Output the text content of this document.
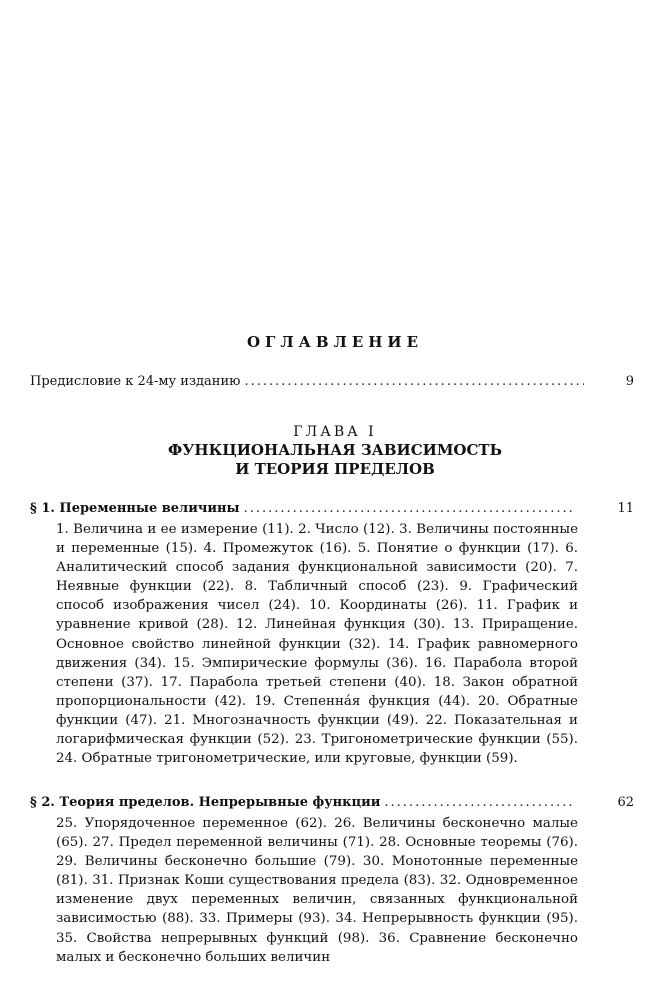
ОГЛАВЛЕНИЕ
Предисловие к 24-му изданию .....	9
ГЛАВА I
ФУНКЦИОНАЛЬНАЯ ЗАВИСИМОСТЬ
И ТЕОРИЯ ПРЕДЕЛОВ
§ 1. Переменные величины .....	11
1. Величина и ее измерение (11). 2. Число (12). 3. Величины постоянные и переменные (15). 4. Промежуток (16). 5. Понятие о функции (17). 6. Аналитический способ задания функциональной зависимости (20). 7. Неявные функции (22). 8. Табличный способ (23). 9. Графический способ изображения чисел (24). 10. Координаты (26). 11. График и уравнение кривой (28). 12. Линейная функция (30). 13. Приращение. Основное свойство линейной функции (32). 14. График равномерного движения (34). 15. Эмпирические формулы (36). 16. Парабола второй степени (37). 17. Парабола третьей степени (40). 18. Закон обратной пропорциональности (42). 19. Степеннáя функция (44). 20. Обратные функции (47). 21. Многозначность функции (49). 22. Показательная и логарифмическая функции (52). 23. Тригонометрические функции (55). 24. Обратные тригонометрические, или круговые, функции (59).
§ 2. Теория пределов. Непрерывные функции .....	62
25. Упорядоченное переменное (62). 26. Величины бесконечно малые (65). 27. Предел переменной величины (71). 28. Основные теоремы (76). 29. Величины бесконечно большие (79). 30. Монотонные переменные (81). 31. Признак Коши существования предела (83). 32. Одновременное изменение двух переменных величин, связанных функциональной зависимостью (88). 33. Примеры (93). 34. Непрерывность функции (95). 35. Свойства непрерывных функций (98). 36. Сравнение бесконечно малых и бесконечно больших величин
